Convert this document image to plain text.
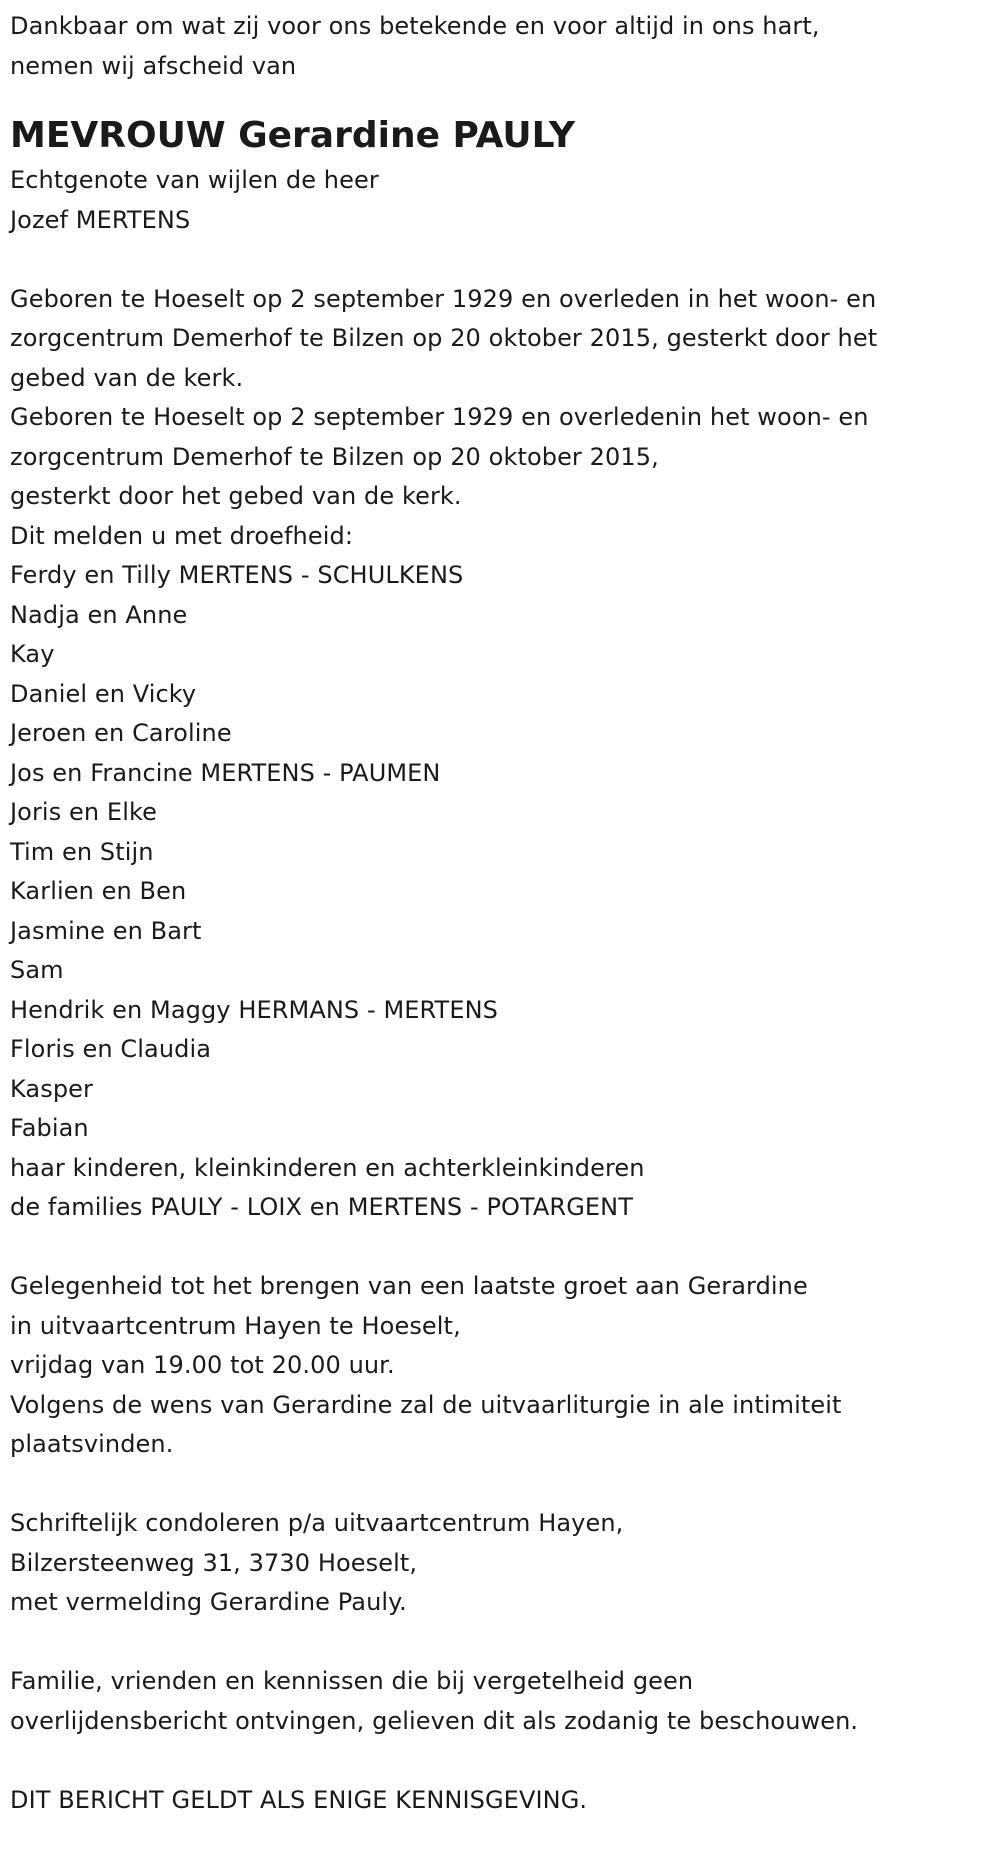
Dankbaar om wat zij voor ons betekende en voor altijd in ons hart,

nemen wij afscheid van

MEVROUW Gerardine PAULY

Echtgenote van wijlen de heer

Jozef MERTENS

Geboren te Hoeselt op 2 september 1929 en overleden in het woon- en

zorgcentrum Demerhof te Bilzen op 20 oktober 2015, gesterkt door het

gebed van de kerk.

Geboren te Hoeselt op 2 september 1929 en overledenin het woon- en

zorgcentrum Demerhof te Bilzen op 20 oktober 2015,

gesterkt door het gebed van de kerk.

Dit melden u met droefheid:

Ferdy en Tilly MERTENS - SCHULKENS

Nadja en Anne

Kay

Daniel en Vicky

Jeroen en Caroline

Jos en Francine MERTENS - PAUMEN

Joris en Elke

Tim en Stijn

Karlien en Ben

Jasmine en Bart

Sam

Hendrik en Maggy HERMANS - MERTENS

Floris en Claudia

Kasper

Fabian

haar kinderen, kleinkinderen en achterkleinkinderen

de families PAULY - LOIX en MERTENS - POTARGENT

Gelegenheid tot het brengen van een laatste groet aan Gerardine

in uitvaartcentrum Hayen te Hoeselt,

vrijdag van 19.00 tot 20.00 uur.

Volgens de wens van Gerardine zal de uitvaarliturgie in ale intimiteit

plaatsvinden.

Schriftelijk condoleren p/a uitvaartcentrum Hayen,

Bilzersteenweg 31, 3730 Hoeselt,

met vermelding Gerardine Pauly.

Familie, vrienden en kennissen die bij vergetelheid geen

overlijdensbericht ontvingen, gelieven dit als zodanig te beschouwen.

DIT BERICHT GELDT ALS ENIGE KENNISGEVING.
